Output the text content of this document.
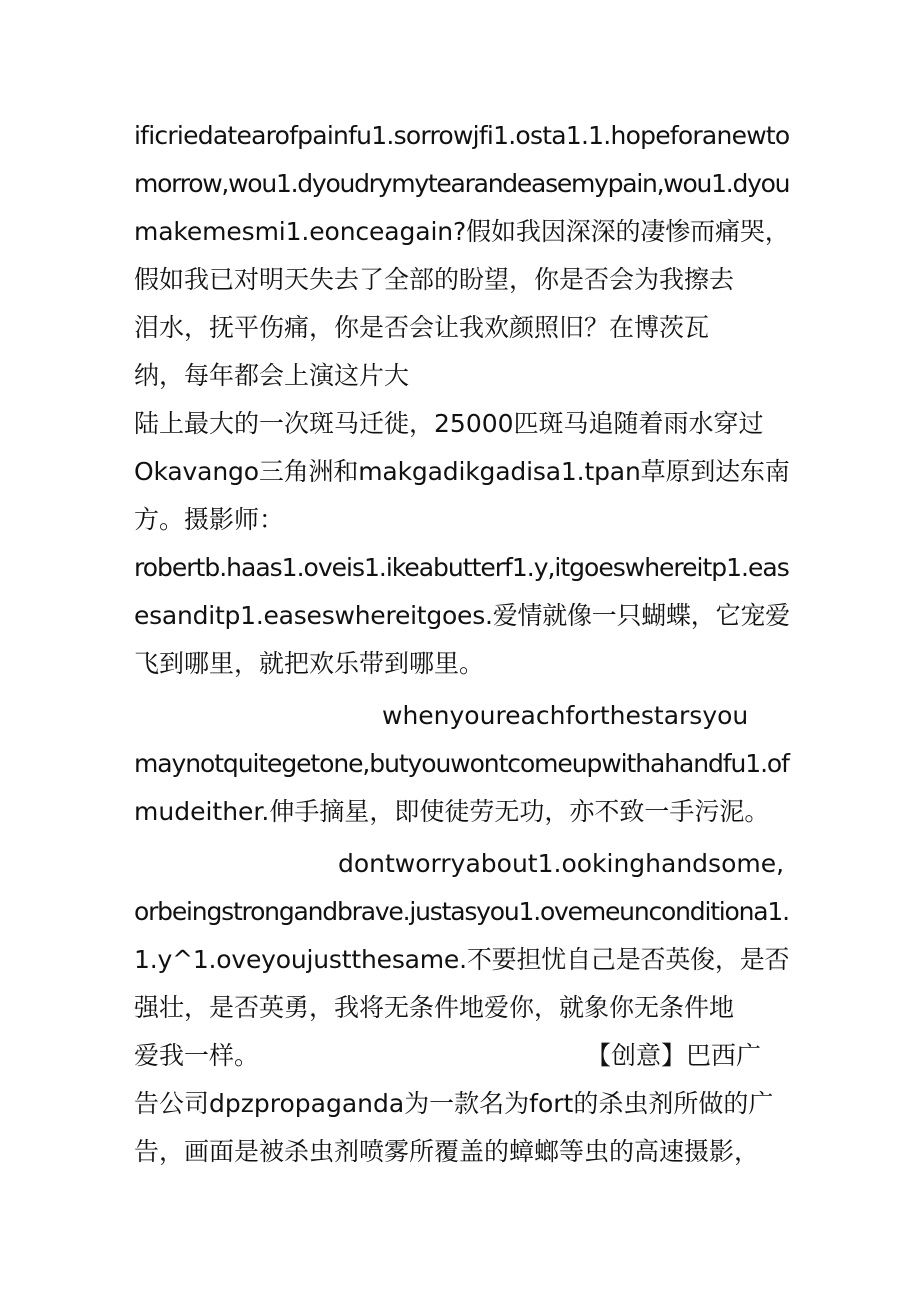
ificriedatearofpainfu1.sorrowjfi1.osta1.1.hopeforanewto
morrow,wou1.dyoudrymytearandeasemypain,wou1.dyou
makemesmi1.eonceagain?假如我因深深的凄惨而痛哭，
假如我已对明天失去了全部的盼望，你是否会为我擦去
泪水，抚平伤痛，你是否会让我欢颜照旧？在博茨瓦
纳，每年都会上演这片大
陆上最大的一次斑马迁徙，25000匹斑马追随着雨水穿过
Okavango三角洲和makgadikgadisa1.tpan草原到达东南
方。摄影师：
robertb.haas1.oveis1.ikeabutterf1.y,itgoeswhereitp1.eas
esanditp1.easeswhereitgoes.爱情就像一只蝴蝶，它宠爱
飞到哪里，就把欢乐带到哪里。
whenyoureachforthestarsyou
maynotquitegetone,butyouwontcomeupwithahandfu1.of
mudeither.伸手摘星，即使徒劳无功，亦不致一手污泥。
dontworryabout1.ookinghandsome,
orbeingstrongandbrave.justasyou1.ovemeunconditiona1.
1.y^1.oveyoujustthesame.不要担忧自己是否英俊，是否
强壮，是否英勇，我将无条件地爱你，就象你无条件地
爱我一样。	【创意】巴西广
告公司dpzpropaganda为一款名为fort的杀虫剂所做的广
告，画面是被杀虫剂喷雾所覆盖的蟑螂等虫的高速摄影，
